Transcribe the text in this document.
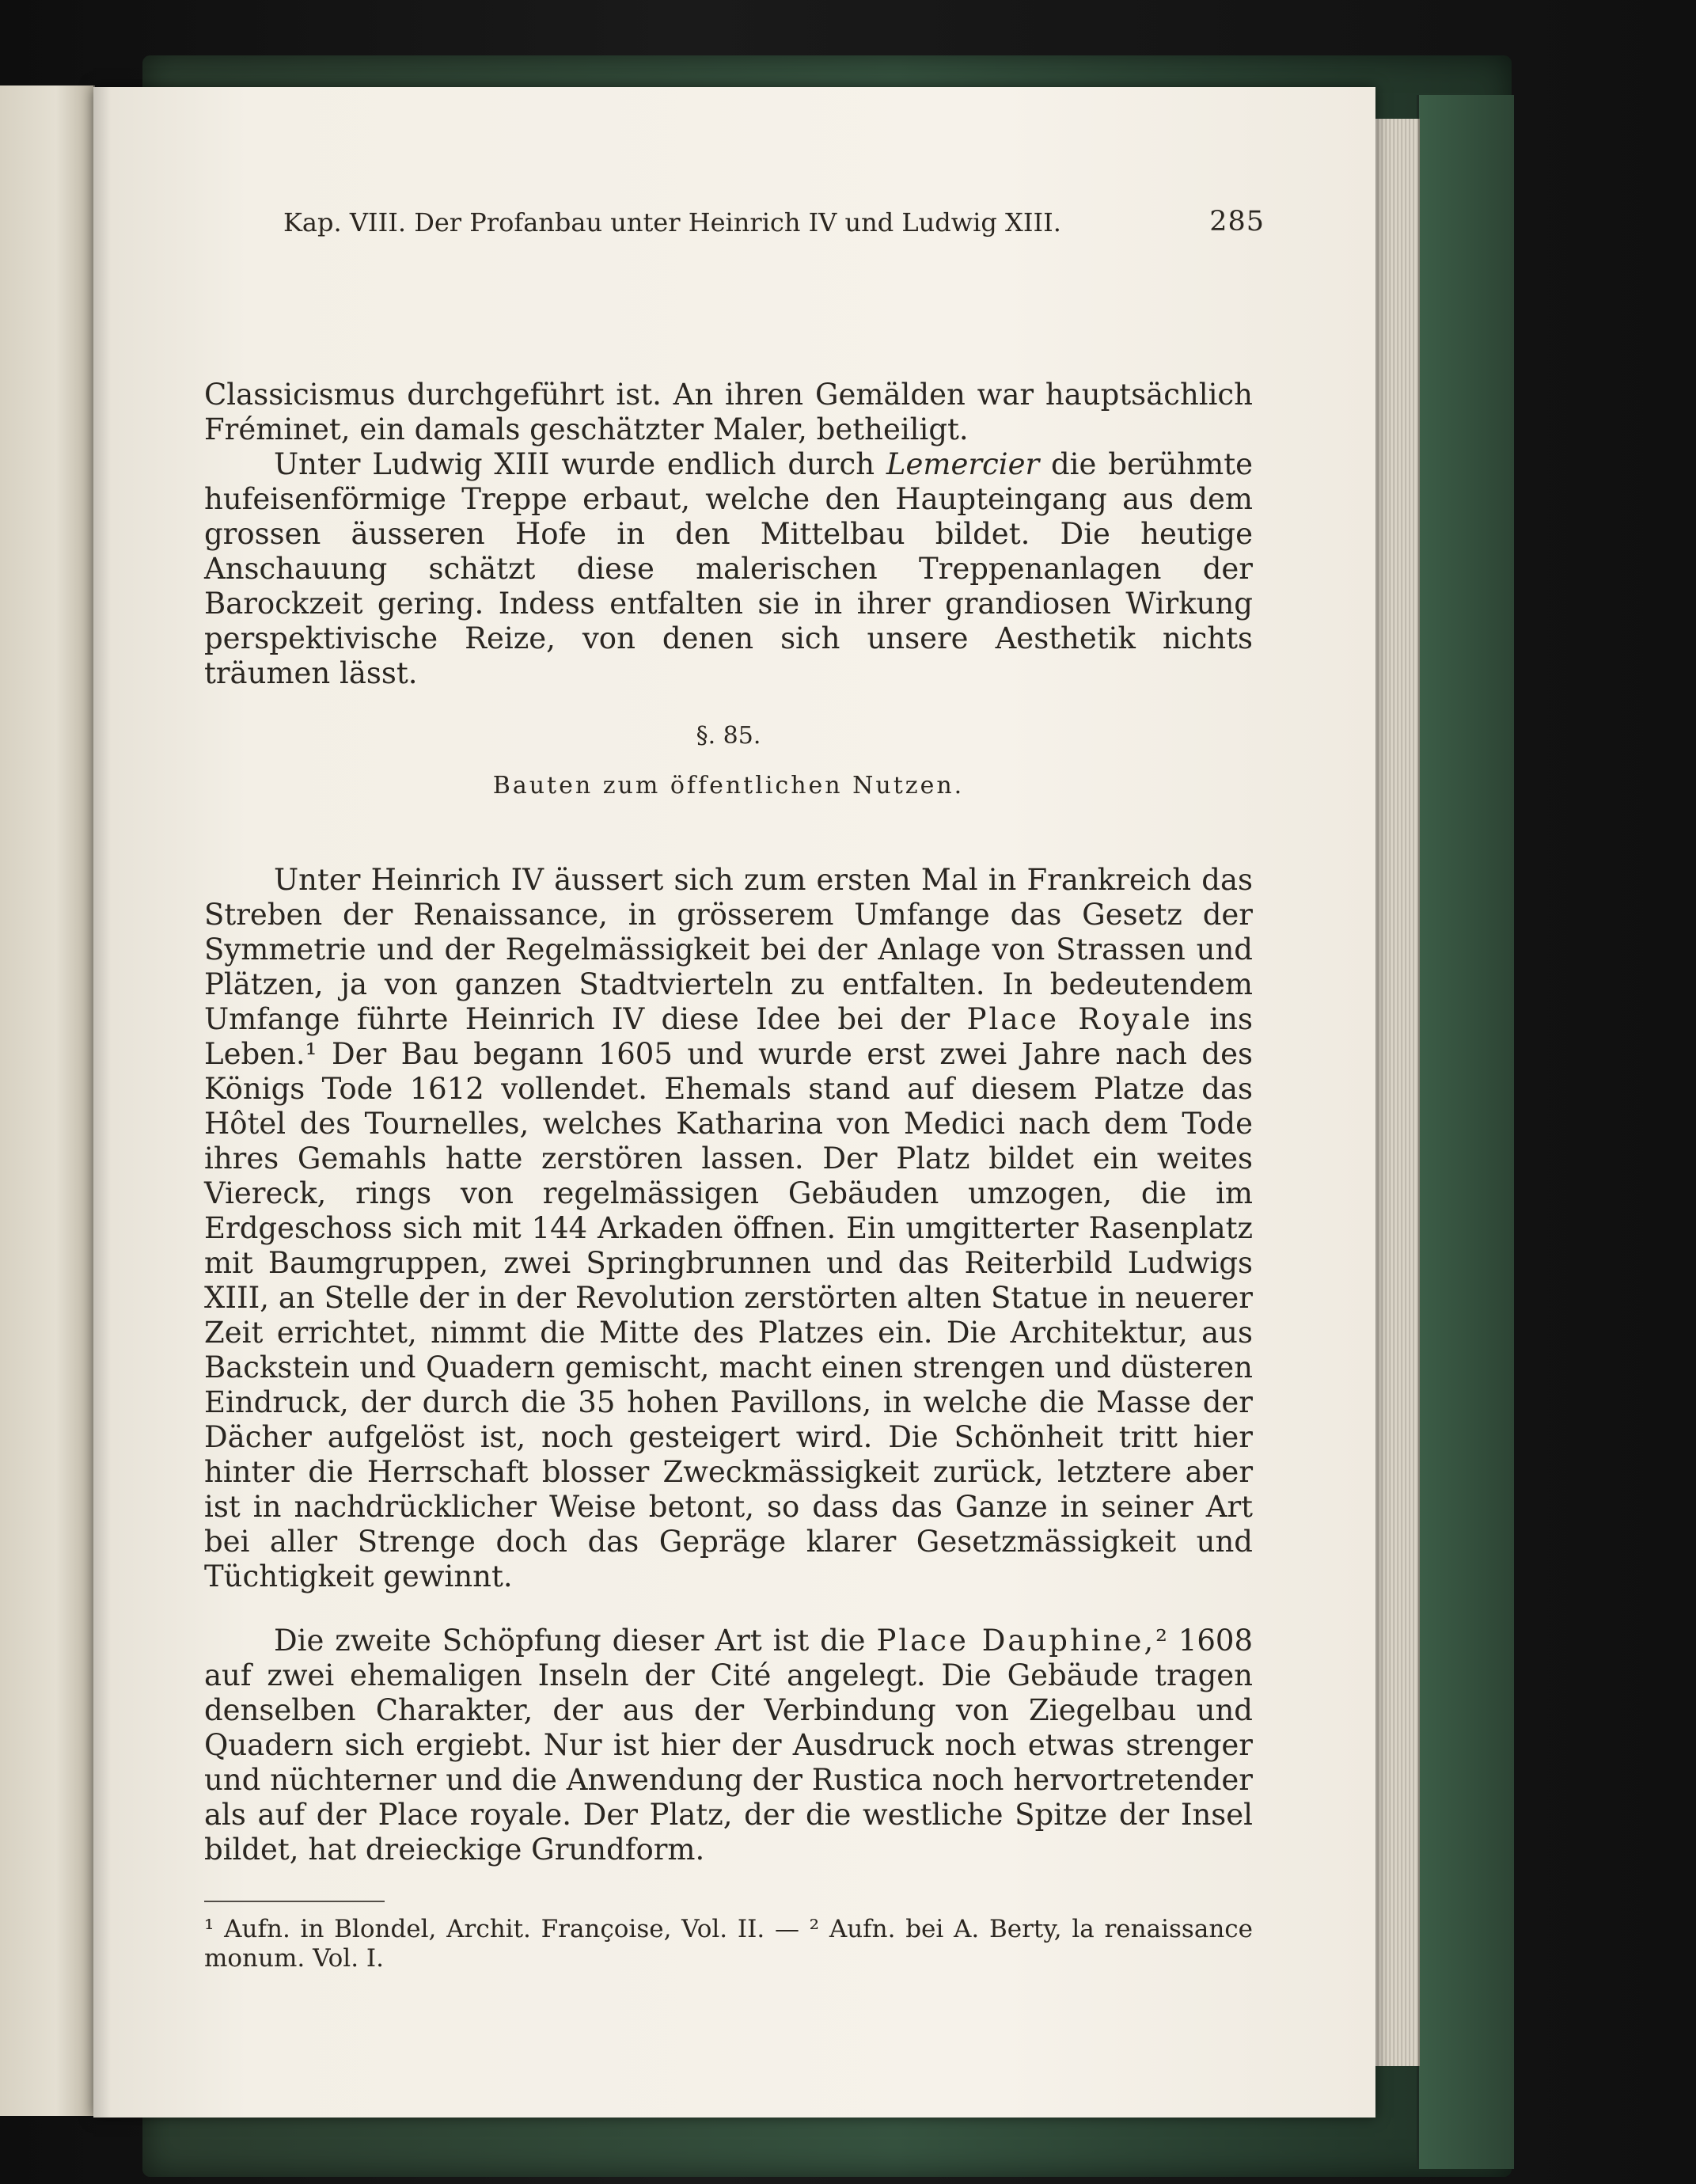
Kap. VIII. Der Profanbau unter Heinrich IV und Ludwig XIII.	285

Classicismus durchgeführt ist. An ihren Gemälden war hauptsächlich Fréminet, ein damals geschätzter Maler, betheiligt.

Unter Ludwig XIII wurde endlich durch Lemercier die berühmte hufeisenförmige Treppe erbaut, welche den Haupteingang aus dem grossen äusseren Hofe in den Mittelbau bildet. Die heutige Anschauung schätzt diese malerischen Treppenanlagen der Barockzeit gering. Indess entfalten sie in ihrer grandiosen Wirkung perspektivische Reize, von denen sich unsere Aesthetik nichts träumen lässt.

§. 85.
Bauten zum öffentlichen Nutzen.

Unter Heinrich IV äussert sich zum ersten Mal in Frankreich das Streben der Renaissance, in grösserem Umfange das Gesetz der Symmetrie und der Regelmässigkeit bei der Anlage von Strassen und Plätzen, ja von ganzen Stadtvierteln zu entfalten. In bedeutendem Umfange führte Heinrich IV diese Idee bei der Place Royale ins Leben.¹ Der Bau begann 1605 und wurde erst zwei Jahre nach des Königs Tode 1612 vollendet. Ehemals stand auf diesem Platze das Hôtel des Tournelles, welches Katharina von Medici nach dem Tode ihres Gemahls hatte zerstören lassen. Der Platz bildet ein weites Viereck, rings von regelmässigen Gebäuden umzogen, die im Erdgeschoss sich mit 144 Arkaden öffnen. Ein umgitterter Rasenplatz mit Baumgruppen, zwei Springbrunnen und das Reiterbild Ludwigs XIII, an Stelle der in der Revolution zerstörten alten Statue in neuerer Zeit errichtet, nimmt die Mitte des Platzes ein. Die Architektur, aus Backstein und Quadern gemischt, macht einen strengen und düsteren Eindruck, der durch die 35 hohen Pavillons, in welche die Masse der Dächer aufgelöst ist, noch gesteigert wird. Die Schönheit tritt hier hinter die Herrschaft blosser Zweckmässigkeit zurück, letztere aber ist in nachdrücklicher Weise betont, so dass das Ganze in seiner Art bei aller Strenge doch das Gepräge klarer Gesetzmässigkeit und Tüchtigkeit gewinnt.

Die zweite Schöpfung dieser Art ist die Place Dauphine,² 1608 auf zwei ehemaligen Inseln der Cité angelegt. Die Gebäude tragen denselben Charakter, der aus der Verbindung von Ziegelbau und Quadern sich ergiebt. Nur ist hier der Ausdruck noch etwas strenger und nüchterner und die Anwendung der Rustica noch hervortretender als auf der Place royale. Der Platz, der die westliche Spitze der Insel bildet, hat dreieckige Grundform.

¹ Aufn. in Blondel, Archit. Françoise, Vol. II. — ² Aufn. bei A. Berty, la renaissance monum. Vol. I.
